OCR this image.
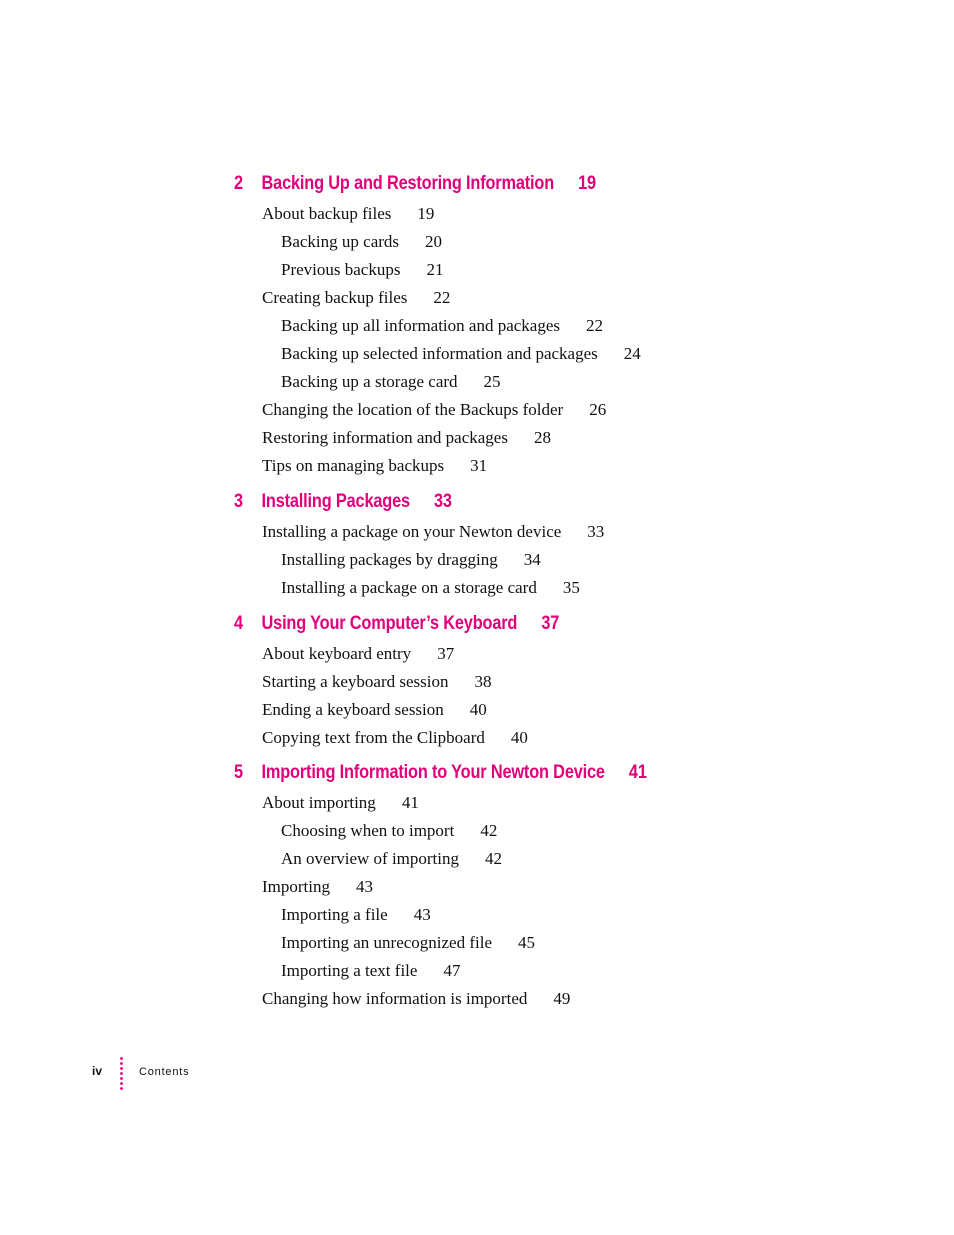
2 Backing Up and Restoring Information 19
About backup files 19
Backing up cards 20
Previous backups 21
Creating backup files 22
Backing up all information and packages 22
Backing up selected information and packages 24
Backing up a storage card 25
Changing the location of the Backups folder 26
Restoring information and packages 28
Tips on managing backups 31
3 Installing Packages 33
Installing a package on your Newton device 33
Installing packages by dragging 34
Installing a package on a storage card 35
4 Using Your Computer’s Keyboard 37
About keyboard entry 37
Starting a keyboard session 38
Ending a keyboard session 40
Copying text from the Clipboard 40
5 Importing Information to Your Newton Device 41
About importing 41
Choosing when to import 42
An overview of importing 42
Importing 43
Importing a file 43
Importing an unrecognized file 45
Importing a text file 47
Changing how information is imported 49
iv	Contents
